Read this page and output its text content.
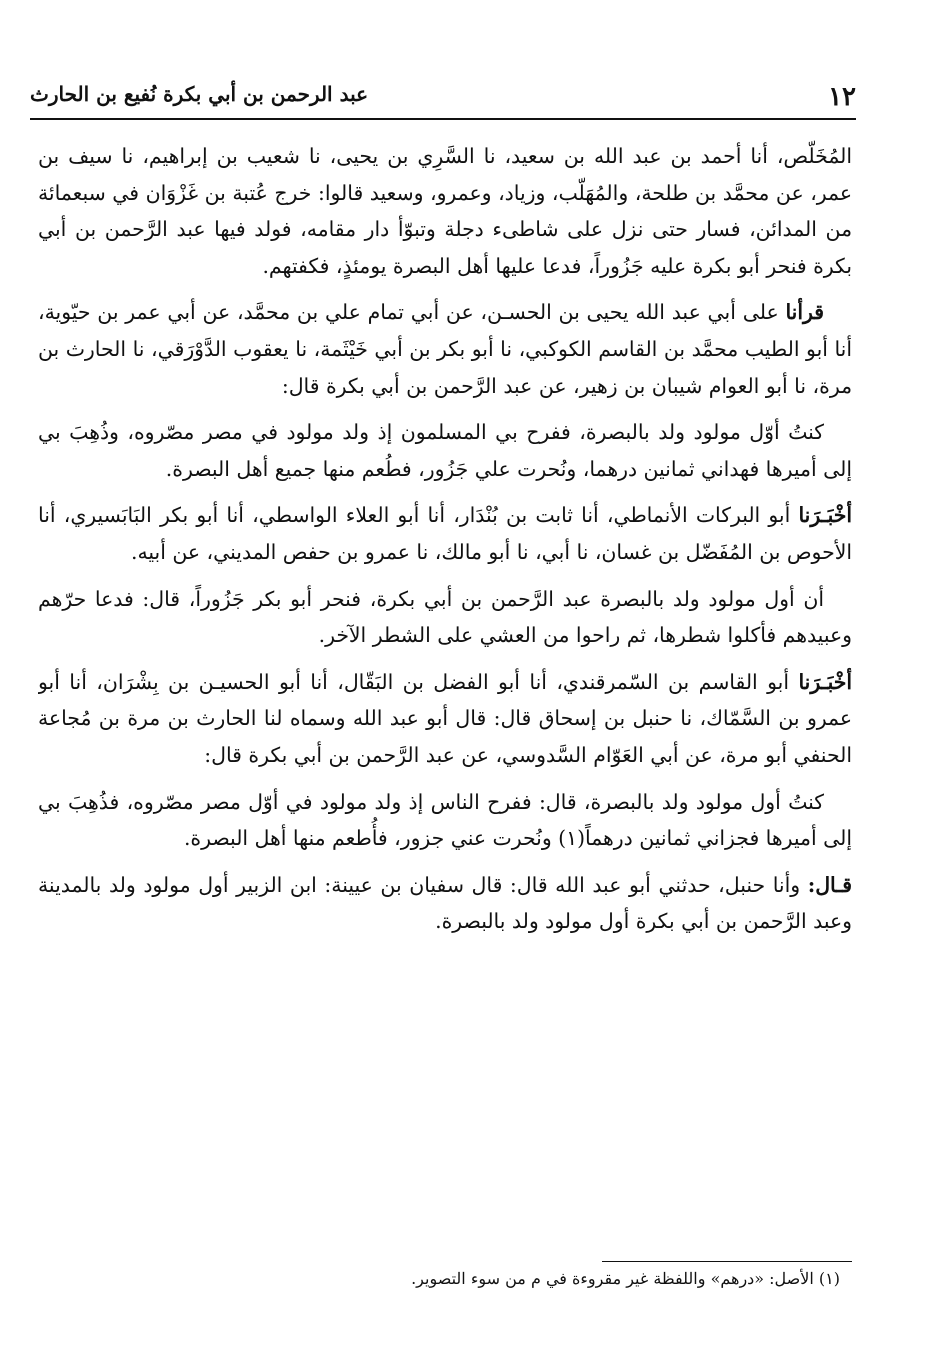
١٢
عبد الرحمن بن أبي بكرة نُفيع بن الحارث

المُخَلّص، أنا أحمد بن عبد الله بن سعيد، نا السَّرِي بن يحيى، نا شعيب بن إبراهيم، نا سيف بن عمر، عن محمَّد بن طلحة، والمُهَلّب، وزياد، وعمرو، وسعيد قالوا: خرج عُتبة بن غَزْوَان في سبعمائة من المدائن، فسار حتى نزل على شاطىء دجلة وتبوّأ دار مقامه، فولد فيها عبد الرَّحمن بن أبي بكرة فنحر أبو بكرة عليه جَزُوراً، فدعا عليها أهل البصرة يومئذٍ، فكفتهم.

قرأنا على أبي عبد الله يحيى بن الحسـن، عن أبي تمام علي بن محمَّد، عن أبي عمر بن حيّوية، أنا أبو الطيب محمَّد بن القاسم الكوكبي، نا أبو بكر بن أبي خَيْثَمة، نا يعقوب الدَّوْرَقي، نا الحارث بن مرة، نا أبو العوام شيبان بن زهير، عن عبد الرَّحمن بن أبي بكرة قال:

كنتُ أوّل مولود ولد بالبصرة، ففرح بي المسلمون إذ ولد مولود في مصر مصّروه، وذُهِبَ بي إلى أميرها فهداني ثمانين درهما، ونُحرت علي جَزُور، فطُعم منها جميع أهل البصرة.

أخْبَـرَنا أبو البركات الأنماطي، أنا ثابت بن بُنْدَار، أنا أبو العلاء الواسطي، أنا أبو بكر البَابَسيري، أنا الأحوص بن المُفَضّل بن غسان، نا أبي، نا أبو مالك، نا عمرو بن حفص المديني، عن أبيه.

أن أول مولود ولد بالبصرة عبد الرَّحمن بن أبي بكرة، فنحر أبو بكر جَزُوراً، قال: فدعا حرّهم وعبيدهم فأكلوا شطرها، ثم راحوا من العشي على الشطر الآخر.

أخْبَـرَنا أبو القاسم بن السّمرقندي، أنا أبو الفضل بن البَقّال، أنا أبو الحسيـن بن بِشْرَان، أنا أبو عمرو بن السَّمّاك، نا حنبل بن إسحاق قال: قال أبو عبد الله وسماه لنا الحارث بن مرة بن مُجاعة الحنفي أبو مرة، عن أبي العَوّام السَّدوسي، عن عبد الرَّحمن بن أبي بكرة قال:

كنتُ أول مولود ولد بالبصرة، قال: ففرح الناس إذ ولد مولود في أوّل مصر مصّروه، فذُهِبَ بي إلى أميرها فجزاني ثمانين درهماً(١) ونُحرت عني جزور، فأُطعم منها أهل البصرة.

قـال: وأنا حنبل، حدثني أبو عبد الله قال: قال سفيان بن عيينة: ابن الزبير أول مولود ولد بالمدينة وعبد الرَّحمن بن أبي بكرة أول مولود ولد بالبصرة.

(١) الأصل: «درهم» واللفظة غير مقروءة في م من سوء التصوير.
